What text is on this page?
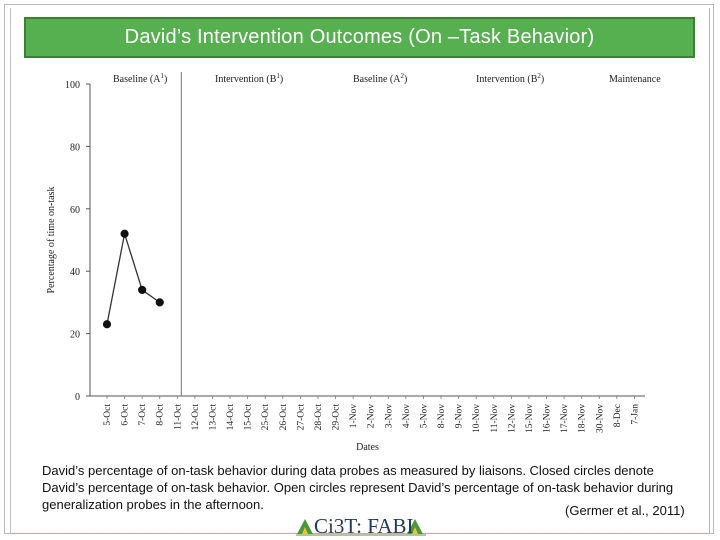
David’s Intervention Outcomes (On –Task Behavior)
Baseline $(A^1)$	Intervention $(B^1)$	Baseline $(A^2)$	Intervention $(B^2)$	Maintenance
Percentage of time on-task
Dates
0
20
40
60
80
100
5-Oct 6-Oct 7-Oct 8-Oct 11-Oct 12-Oct 13-Oct 14-Oct 15-Oct 25-Oct 26-Oct 27-Oct 28-Oct 29-Oct 1-Nov 2-Nov 3-Nov 4-Nov 5-Nov 8-Nov 9-Nov 10-Nov 11-Nov 12-Nov 15-Nov 16-Nov 17-Nov 18-Nov 30-Nov 8-Dec 7-Jan
David’s percentage of on-task behavior during data probes as measured by liaisons. Closed circles denote David’s percentage of on-task behavior. Open circles represent David’s percentage of on-task behavior during generalization probes in the afternoon.	(Germer et al., 2011)
Ci3T: FABI
